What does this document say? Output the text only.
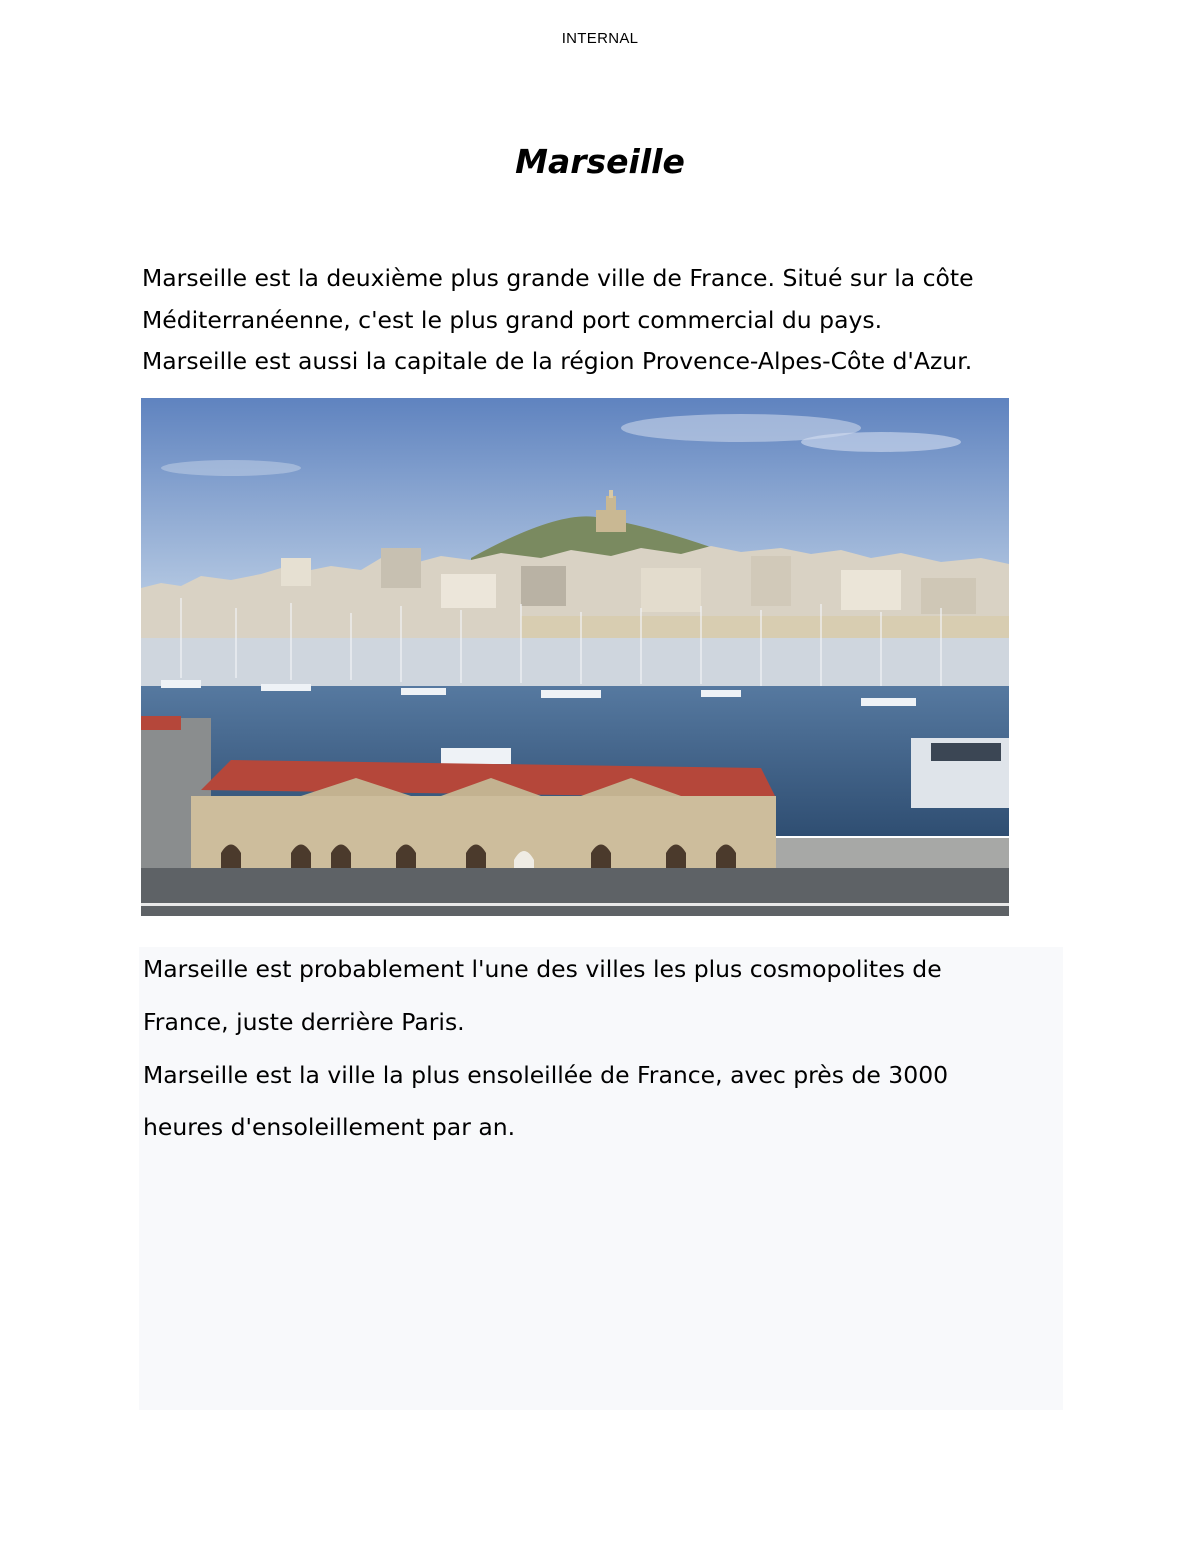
INTERNAL
Marseille

Marseille est la deuxième plus grande ville de France. Situé sur la côte

Méditerranéenne, c'est le plus grand port commercial du pays.

Marseille est aussi la capitale de la région Provence-Alpes-Côte d'Azur.

Marseille est probablement l'une des villes les plus cosmopolites de

France, juste derrière Paris.

Marseille est la ville la plus ensoleillée de France, avec près de 3000

heures d'ensoleillement par an.
